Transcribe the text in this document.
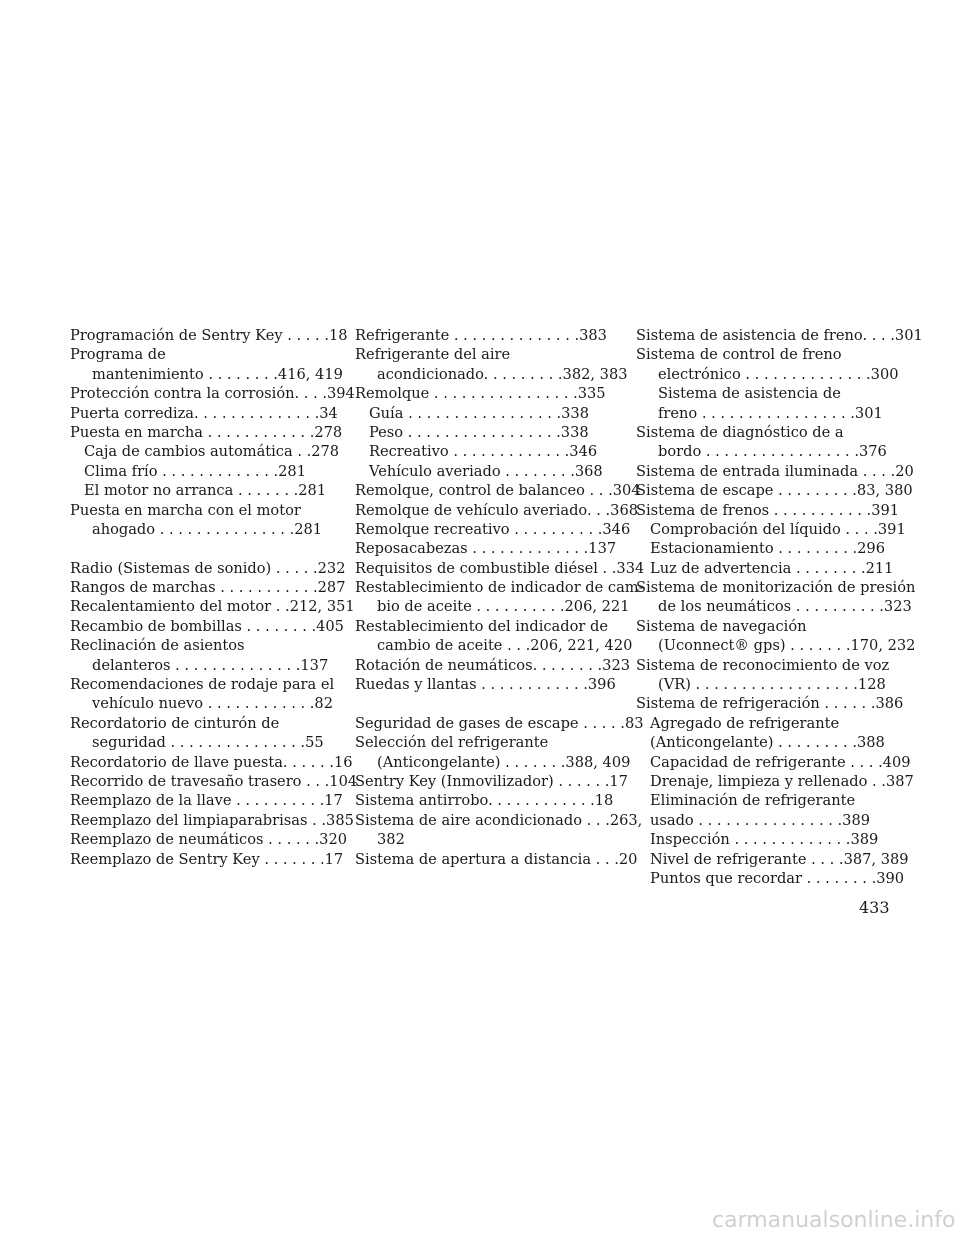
Programación de Sentry Key . . . . .18
Programa de
mantenimiento . . . . . . . .416, 419
Protección contra la corrosión. . . .394
Puerta corrediza. . . . . . . . . . . . . .34
Puesta en marcha . . . . . . . . . . . .278
Caja de cambios automática . .278
Clima frío . . . . . . . . . . . . .281
El motor no arranca . . . . . . .281
Puesta en marcha con el motor
ahogado . . . . . . . . . . . . . . .281
Radio (Sistemas de sonido) . . . . .232
Rangos de marchas . . . . . . . . . . .287
Recalentamiento del motor . .212, 351
Recambio de bombillas . . . . . . . .405
Reclinación de asientos
delanteros . . . . . . . . . . . . . .137
Recomendaciones de rodaje para el
vehículo nuevo . . . . . . . . . . . .82
Recordatorio de cinturón de
seguridad . . . . . . . . . . . . . . .55
Recordatorio de llave puesta. . . . . .16
Recorrido de travesaño trasero . . .104
Reemplazo de la llave . . . . . . . . . .17
Reemplazo del limpiaparabrisas . .385
Reemplazo de neumáticos . . . . . .320
Reemplazo de Sentry Key . . . . . . .17
Refrigerante . . . . . . . . . . . . . .383
Refrigerante del aire
acondicionado. . . . . . . . .382, 383
Remolque . . . . . . . . . . . . . . . .335
Guía . . . . . . . . . . . . . . . . .338
Peso . . . . . . . . . . . . . . . . .338
Recreativo . . . . . . . . . . . . .346
Vehículo averiado . . . . . . . .368
Remolque, control de balanceo . . .304
Remolque de vehículo averiado. . .368
Remolque recreativo . . . . . . . . . .346
Reposacabezas . . . . . . . . . . . . .137
Requisitos de combustible diésel . .334
Restablecimiento de indicador de cam-
bio de aceite . . . . . . . . . .206, 221
Restablecimiento del indicador de
cambio de aceite . . .206, 221, 420
Rotación de neumáticos. . . . . . . .323
Ruedas y llantas . . . . . . . . . . . .396
Seguridad de gases de escape . . . . .83
Selección del refrigerante
(Anticongelante) . . . . . . .388, 409
Sentry Key (Inmovilizador) . . . . . .17
Sistema antirrobo. . . . . . . . . . . .18
Sistema de aire acondicionado . . .263,
382
Sistema de apertura a distancia . . .20
Sistema de asistencia de freno. . . .301
Sistema de control de freno
electrónico . . . . . . . . . . . . . .300
Sistema de asistencia de
freno . . . . . . . . . . . . . . . . .301
Sistema de diagnóstico de a
bordo . . . . . . . . . . . . . . . . .376
Sistema de entrada iluminada . . . .20
Sistema de escape . . . . . . . . .83, 380
Sistema de frenos . . . . . . . . . . .391
Comprobación del líquido . . . .391
Estacionamiento . . . . . . . . .296
Luz de advertencia . . . . . . . .211
Sistema de monitorización de presión
de los neumáticos . . . . . . . . . .323
Sistema de navegación
(Uconnect® gps) . . . . . . .170, 232
Sistema de reconocimiento de voz
(VR) . . . . . . . . . . . . . . . . . .128
Sistema de refrigeración . . . . . .386
Agregado de refrigerante
(Anticongelante) . . . . . . . . .388
Capacidad de refrigerante . . . .409
Drenaje, limpieza y rellenado . .387
Eliminación de refrigerante
usado . . . . . . . . . . . . . . . .389
Inspección . . . . . . . . . . . . .389
Nivel de refrigerante . . . .387, 389
Puntos que recordar . . . . . . . .390
433
carmanualsonline.info
